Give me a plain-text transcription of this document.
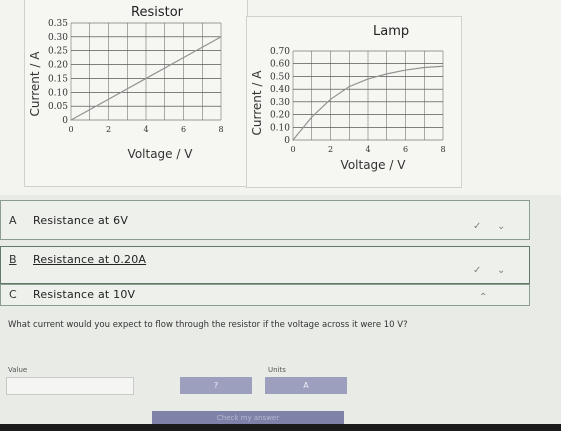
Resistor
Current / A
Voltage / V
0.35
0.30
0.25
0.20
0.15
0.10
0.05
0
0	2	4	6	8
Lamp
Current / A
Voltage / V
0.70
0.60
0.50
0.40
0.30
0.20
0.10
0
0	2	4	6	8
A Resistance at 6V	✓ ⌄
B Resistance at 0.20A
✓ ⌄
C Resistance at 10V	⌃
What current would you expect to flow through the resistor if the voltage across it were 10 V?
Value	Units
?	A
Check my answer
